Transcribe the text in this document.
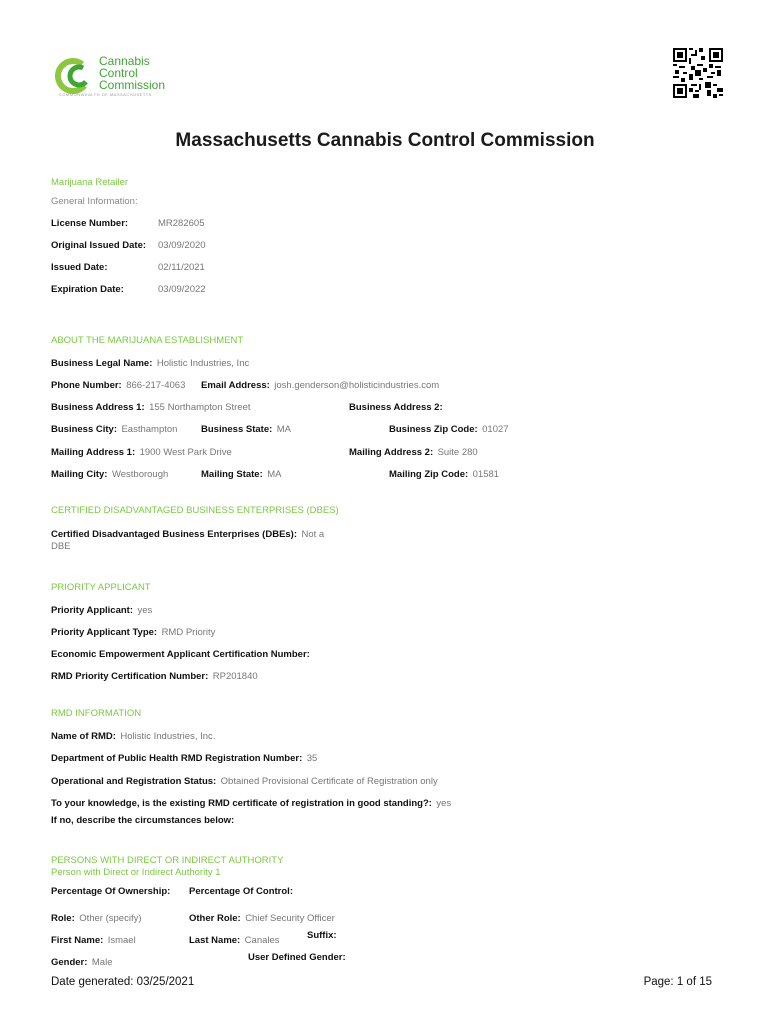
Cannabis
Control
Commission
COMMONWEALTH OF MASSACHUSETTS
Massachusetts Cannabis Control Commission
Marijuana Retailer
General Information:
License Number:	MR282605
Original Issued Date: 03/09/2020
Issued Date:	02/11/2021
Expiration Date:	03/09/2022
ABOUT THE MARIJUANA ESTABLISHMENT
Business Legal Name: Holistic Industries, Inc
Phone Number: 866-217-4063 Email Address: josh.genderson@holisticindustries.com
Business Address 1: 155 Northampton Street	Business Address 2:
Business City: Easthampton Business State: MA	Business Zip Code: 01027
Mailing Address 1: 1900 West Park Drive	Mailing Address 2: Suite 280
Mailing City: Westborough	Mailing State: MA	Mailing Zip Code: 01581
CERTIFIED DISADVANTAGED BUSINESS ENTERPRISES (DBES)
Certified Disadvantaged Business Enterprises (DBEs): Not a
DBE
PRIORITY APPLICANT
Priority Applicant: yes
Priority Applicant Type: RMD Priority
Economic Empowerment Applicant Certification Number:
RMD Priority Certification Number: RP201840
RMD INFORMATION
Name of RMD: Holistic Industries, Inc.
Department of Public Health RMD Registration Number: 35
Operational and Registration Status: Obtained Provisional Certificate of Registration only
To your knowledge, is the existing RMD certificate of registration in good standing?: yes
If no, describe the circumstances below:
PERSONS WITH DIRECT OR INDIRECT AUTHORITY
Person with Direct or Indirect Authority 1
Percentage Of Ownership: Percentage Of Control:
Role: Other (specify)	Other Role: Chief Security Officer
First Name: Ismael	Last Name: Canales	Suffix:
Gender: Male	User Defined Gender:
Date generated: 03/25/2021	Page: 1 of 15
